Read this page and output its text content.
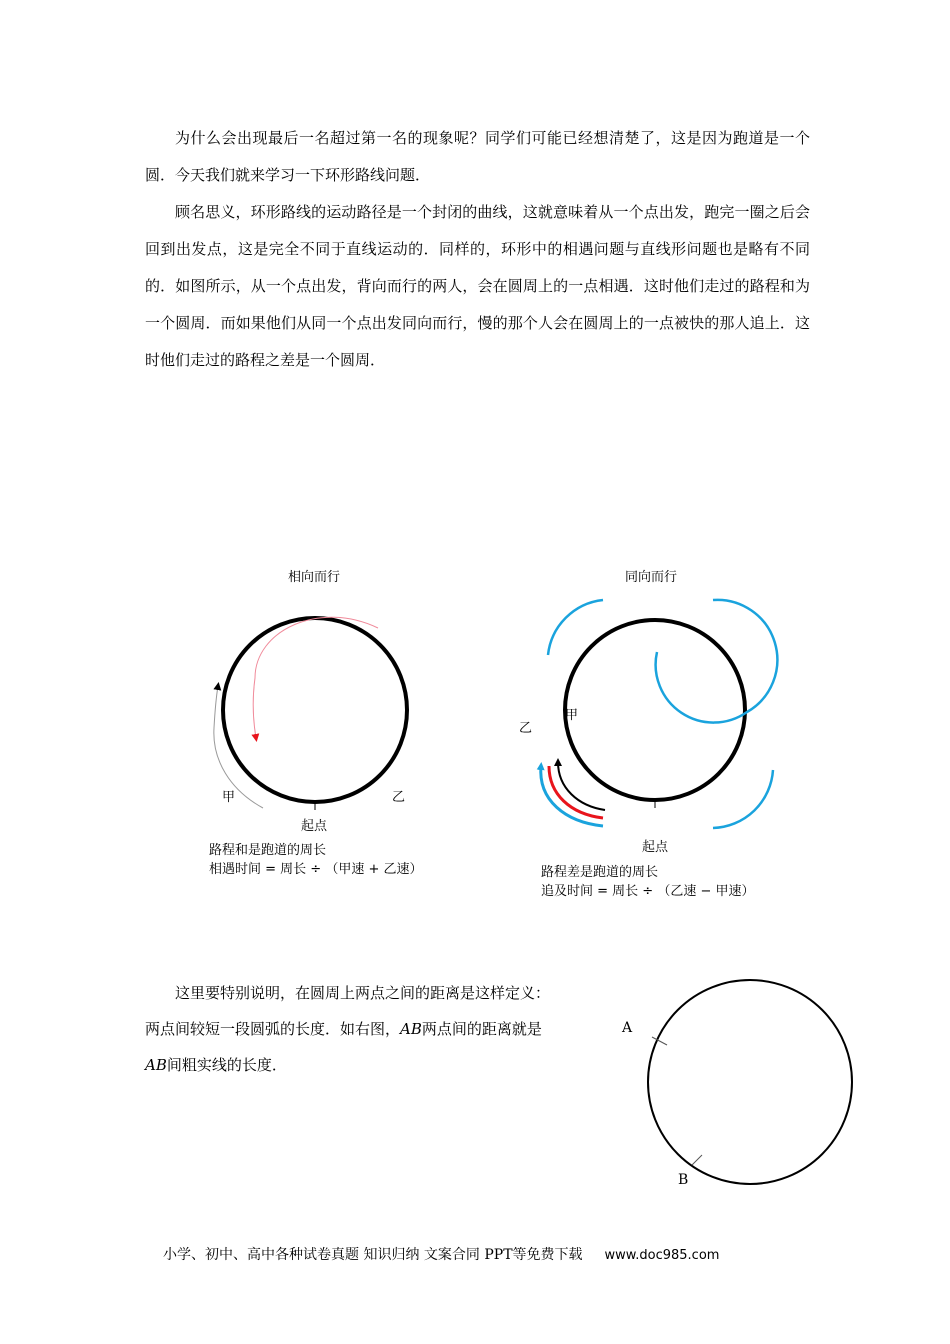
为什么会出现最后一名超过第一名的现象呢？同学们可能已经想清楚了，这是因为跑道是一个圆．今天我们就来学习一下环形路线问题．

顾名思义，环形路线的运动路径是一个封闭的曲线，这就意味着从一个点出发，跑完一圈之后会回到出发点，这是完全不同于直线运动的．同样的，环形中的相遇问题与直线形问题也是略有不同的．如图所示，从一个点出发，背向而行的两人，会在圆周上的一点相遇．这时他们走过的路程和为一个圆周．而如果他们从同一个点出发同向而行，慢的那个人会在圆周上的一点被快的那人追上．这时他们走过的路程之差是一个圆周．

相向而行
甲	乙
起点
路程和是跑道的周长
相遇时间 = 周长 ÷ （甲速 + 乙速）
同向而行
甲
乙
起点
路程差是跑道的周长
追及时间 = 周长 ÷ （乙速 − 甲速）

这里要特别说明，在圆周上两点之间的距离是这样定义：
两点间较短一段圆弧的长度．如右图，AB两点间的距离就是
AB间粗实线的长度．

A
B
小学、初中、高中各种试卷真题 知识归纳 文案合同 PPT等免费下载 www.doc985.com
